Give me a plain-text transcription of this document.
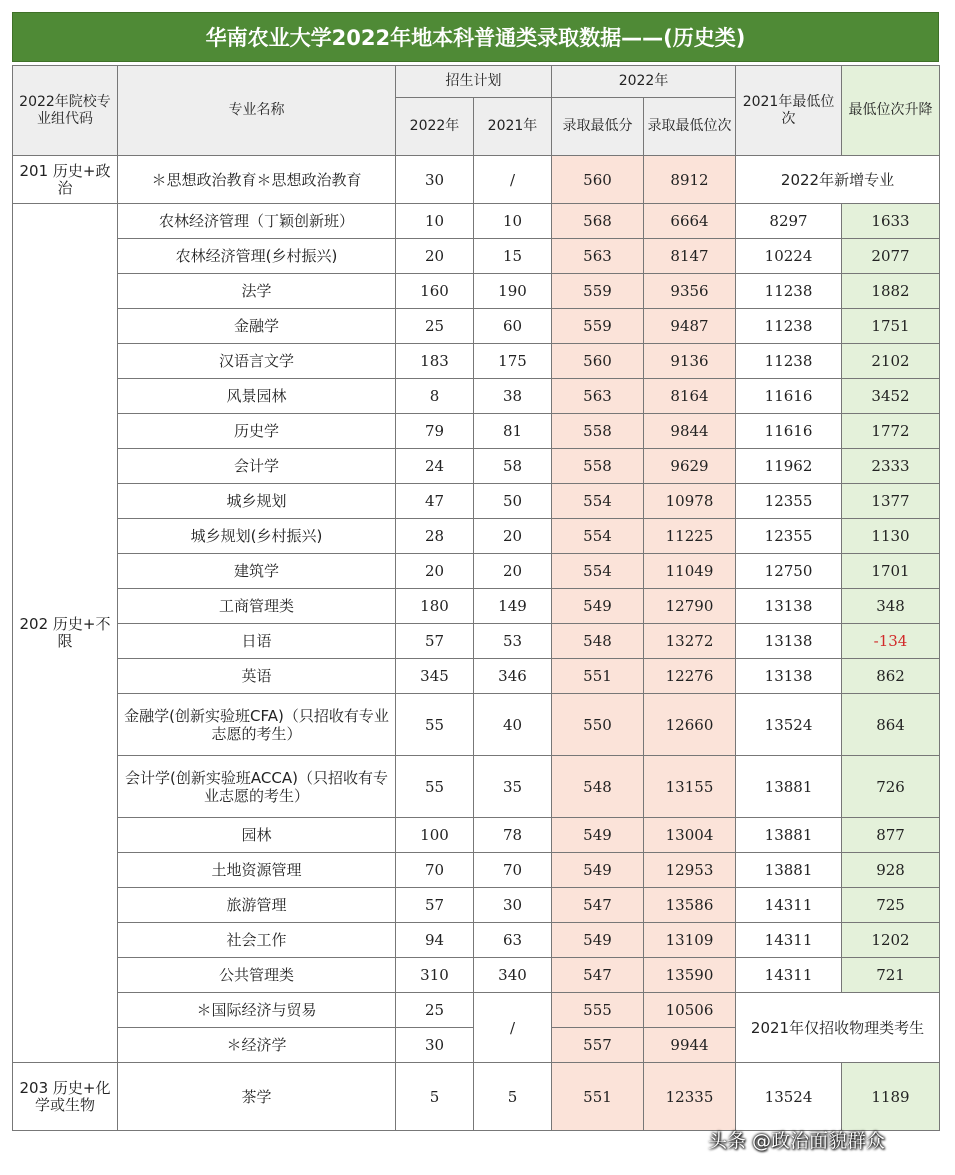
华南农业大学2022年地本科普通类录取数据——(历史类)
2022年院校专业组代码	专业名称	招生计划		2022年		2021年最低位次	最低位次升降
		2022年	2021年	录取最低分	录取最低位次		
201 历史+政治	＊思想政治教育＊思想政治教育	30	/	560	8912	2022年新增专业	
202 历史+不限	农林经济管理（丁颖创新班）	10	10	568	6664	8297	1633
	农林经济管理(乡村振兴)	20	15	563	8147	10224	2077
	法学	160	190	559	9356	11238	1882
	金融学	25	60	559	9487	11238	1751
	汉语言文学	183	175	560	9136	11238	2102
	风景园林	8	38	563	8164	11616	3452
	历史学	79	81	558	9844	11616	1772
	会计学	24	58	558	9629	11962	2333
	城乡规划	47	50	554	10978	12355	1377
	城乡规划(乡村振兴)	28	20	554	11225	12355	1130
	建筑学	20	20	554	11049	12750	1701
	工商管理类	180	149	549	12790	13138	348
	日语	57	53	548	13272	13138	-134
	英语	345	346	551	12276	13138	862
	金融学(创新实验班CFA)（只招收有专业志愿的考生）	55	40	550	12660	13524	864
	会计学(创新实验班ACCA)（只招收有专业志愿的考生）	55	35	548	13155	13881	726
	园林	100	78	549	13004	13881	877
	土地资源管理	70	70	549	12953	13881	928
	旅游管理	57	30	547	13586	14311	725
	社会工作	94	63	549	13109	14311	1202
	公共管理类	310	340	547	13590	14311	721
	＊国际经济与贸易	25	/	555	10506	2021年仅招收物理类考生	
	＊经济学	30		557	9944		
203 历史+化学或生物	茶学	5	5	551	12335	13524	1189
头条 @政治面貌群众
